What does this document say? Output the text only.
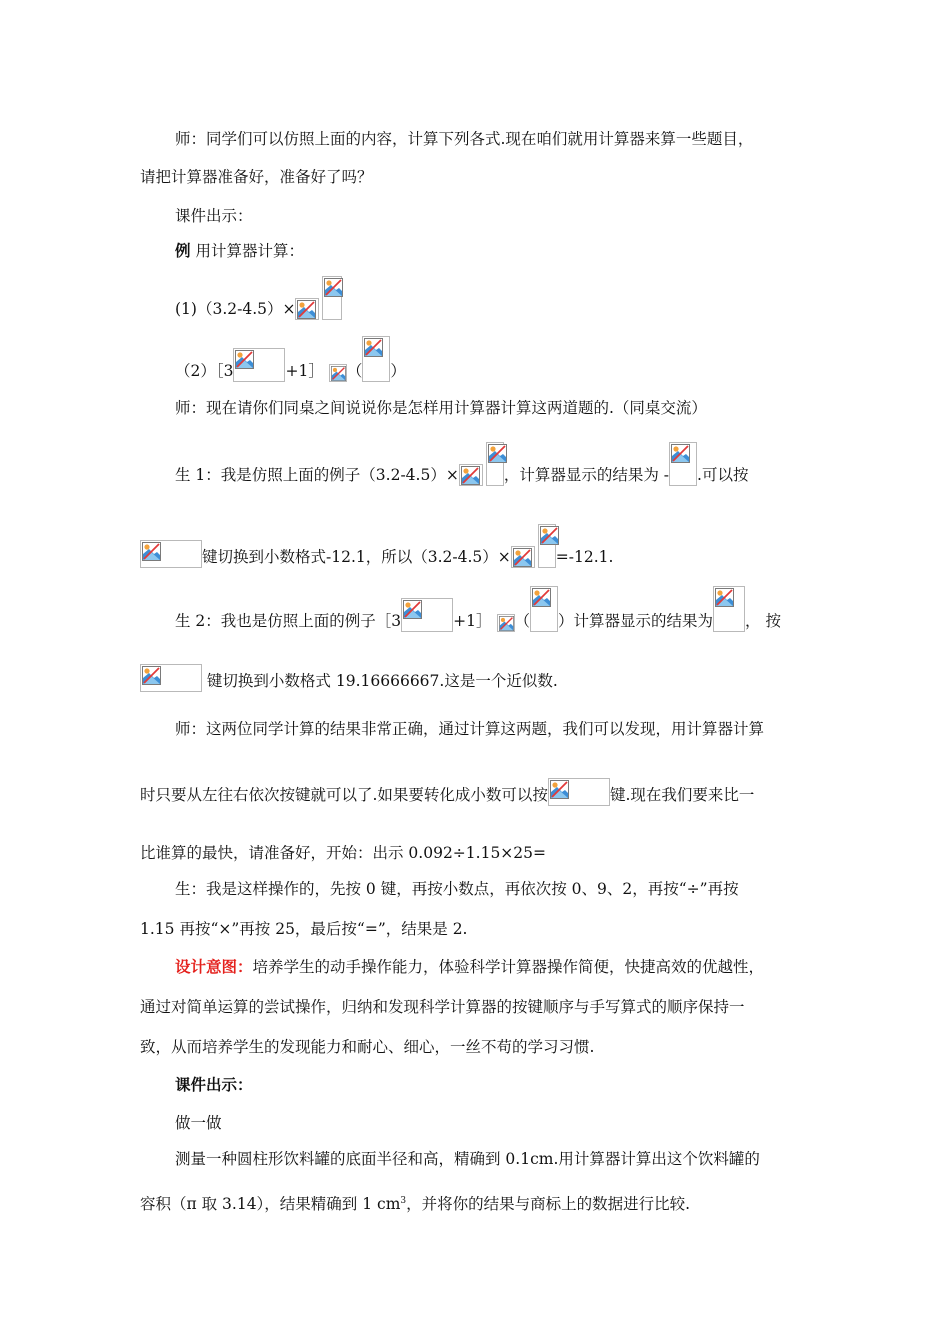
师：同学们可以仿照上面的内容，计算下列各式.现在咱们就用计算器来算一些题目，
请把计算器准备好，准备好了吗？
课件出示：
例 用计算器计算：
(1)（3.2-4.5）×
（2）［3	+1］ （ ）
师：现在请你们同桌之间说说你是怎样用计算器计算这两道题的.（同桌交流）
生 1：我是仿照上面的例子（3.2-4.5）×	，计算器显示的结果为 - .可以按
键切换到小数格式-12.1，所以（3.2-4.5）×	=-12.1.
生 2：我也是仿照上面的例子［3	+1］ （ ）计算器显示的结果为 ， 按
键切换到小数格式 19.16666667.这是一个近似数.
师：这两位同学计算的结果非常正确，通过计算这两题，我们可以发现，用计算器计算
时只要从左往右依次按键就可以了.如果要转化成小数可以按	键.现在我们要来比一
比谁算的最快，请准备好，开始：出示 0.092÷1.15×25=
生：我是这样操作的，先按 0 键，再按小数点，再依次按 0、9、2，再按“÷”再按
1.15 再按“×”再按 25，最后按“=”，结果是 2.
设计意图：培养学生的动手操作能力，体验科学计算器操作简便，快捷高效的优越性，
通过对简单运算的尝试操作，归纳和发现科学计算器的按键顺序与手写算式的顺序保持一
致，从而培养学生的发现能力和耐心、细心，一丝不苟的学习习惯.
课件出示：
做一做
测量一种圆柱形饮料罐的底面半径和高，精确到 0.1cm.用计算器计算出这个饮料罐的
容积（π 取 3.14），结果精确到 1 $cm^3$，并将你的结果与商标上的数据进行比较.
